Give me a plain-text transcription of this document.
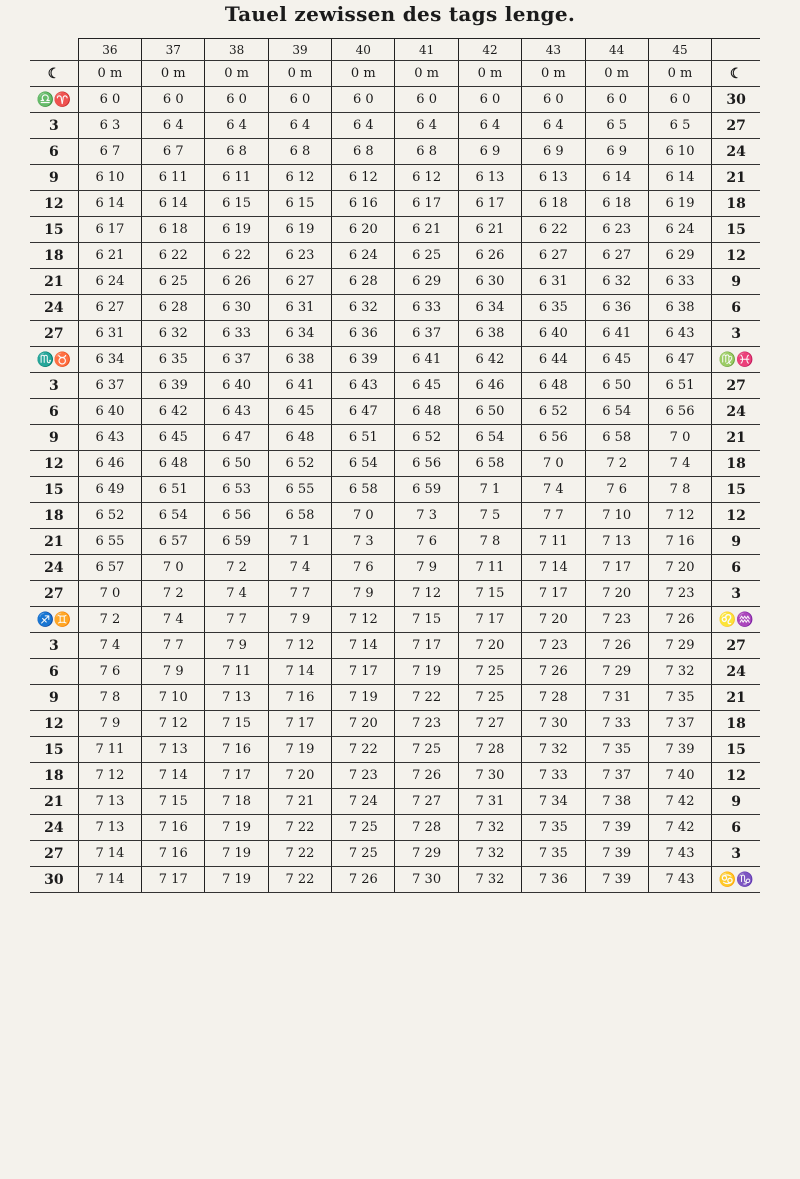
Tauel zewissen des tags lenge.
	36	37	38	39	40	41	42	43	44	45	
☾	0 m	0 m	0 m	0 m	0 m	0 m	0 m	0 m	0 m	0 m	☾
♎♈	6 0	6 0	6 0	6 0	6 0	6 0	6 0	6 0	6 0	6 0	30
3	6 3	6 4	6 4	6 4	6 4	6 4	6 4	6 4	6 5	6 5	27
6	6 7	6 7	6 8	6 8	6 8	6 8	6 9	6 9	6 9	6 10	24
9	6 10	6 11	6 11	6 12	6 12	6 12	6 13	6 13	6 14	6 14	21
12	6 14	6 14	6 15	6 15	6 16	6 17	6 17	6 18	6 18	6 19	18
15	6 17	6 18	6 19	6 19	6 20	6 21	6 21	6 22	6 23	6 24	15
18	6 21	6 22	6 22	6 23	6 24	6 25	6 26	6 27	6 27	6 29	12
21	6 24	6 25	6 26	6 27	6 28	6 29	6 30	6 31	6 32	6 33	9
24	6 27	6 28	6 30	6 31	6 32	6 33	6 34	6 35	6 36	6 38	6
27	6 31	6 32	6 33	6 34	6 36	6 37	6 38	6 40	6 41	6 43	3
♏♉	6 34	6 35	6 37	6 38	6 39	6 41	6 42	6 44	6 45	6 47	♍♓
3	6 37	6 39	6 40	6 41	6 43	6 45	6 46	6 48	6 50	6 51	27
6	6 40	6 42	6 43	6 45	6 47	6 48	6 50	6 52	6 54	6 56	24
9	6 43	6 45	6 47	6 48	6 51	6 52	6 54	6 56	6 58	7 0	21
12	6 46	6 48	6 50	6 52	6 54	6 56	6 58	7 0	7 2	7 4	18
15	6 49	6 51	6 53	6 55	6 58	6 59	7 1	7 4	7 6	7 8	15
18	6 52	6 54	6 56	6 58	7 0	7 3	7 5	7 7	7 10	7 12	12
21	6 55	6 57	6 59	7 1	7 3	7 6	7 8	7 11	7 13	7 16	9
24	6 57	7 0	7 2	7 4	7 6	7 9	7 11	7 14	7 17	7 20	6
27	7 0	7 2	7 4	7 7	7 9	7 12	7 15	7 17	7 20	7 23	3
♐♊	7 2	7 4	7 7	7 9	7 12	7 15	7 17	7 20	7 23	7 26	♌♒
3	7 4	7 7	7 9	7 12	7 14	7 17	7 20	7 23	7 26	7 29	27
6	7 6	7 9	7 11	7 14	7 17	7 19	7 25	7 26	7 29	7 32	24
9	7 8	7 10	7 13	7 16	7 19	7 22	7 25	7 28	7 31	7 35	21
12	7 9	7 12	7 15	7 17	7 20	7 23	7 27	7 30	7 33	7 37	18
15	7 11	7 13	7 16	7 19	7 22	7 25	7 28	7 32	7 35	7 39	15
18	7 12	7 14	7 17	7 20	7 23	7 26	7 30	7 33	7 37	7 40	12
21	7 13	7 15	7 18	7 21	7 24	7 27	7 31	7 34	7 38	7 42	9
24	7 13	7 16	7 19	7 22	7 25	7 28	7 32	7 35	7 39	7 42	6
27	7 14	7 16	7 19	7 22	7 25	7 29	7 32	7 35	7 39	7 43	3
30	7 14	7 17	7 19	7 22	7 26	7 30	7 32	7 36	7 39	7 43	♋♑
